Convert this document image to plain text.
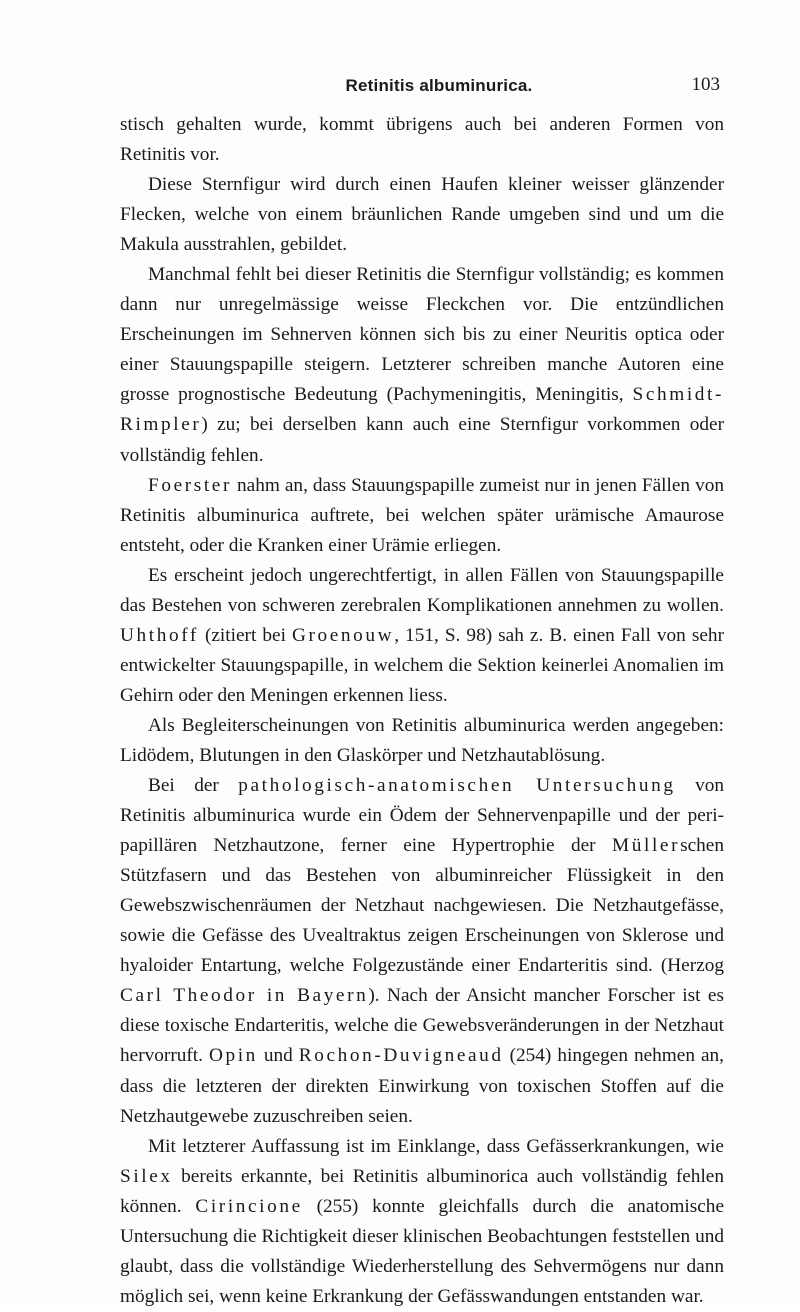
Retinitis albuminurica.	103

stisch gehalten wurde, kommt übrigens auch bei anderen Formen von Retinitis vor.

Diese Sternfigur wird durch einen Haufen kleiner weisser glänzender Flecken, welche von einem bräunlichen Rande umgeben sind und um die Makula ausstrahlen, gebildet.

Manchmal fehlt bei dieser Retinitis die Sternfigur vollständig; es kommen dann nur unregelmässige weisse Fleckchen vor. Die entzündlichen Erscheinungen im Sehnerven können sich bis zu einer Neuritis optica oder einer Stauungspapille steigern. Letzterer schreiben manche Autoren eine grosse prognostische Bedeutung (Pachymeningitis, Meningitis, Schmidt-Rimpler) zu; bei derselben kann auch eine Sternfigur vorkommen oder vollständig fehlen.

Foerster nahm an, dass Stauungspapille zumeist nur in jenen Fällen von Retinitis albuminurica auftrete, bei welchen später urämische Amaurose entsteht, oder die Kranken einer Urämie erliegen.

Es erscheint jedoch ungerechtfertigt, in allen Fällen von Stauungspapille das Bestehen von schweren zerebralen Komplikationen annehmen zu wollen. Uhthoff (zitiert bei Groenouw, 151, S. 98) sah z. B. einen Fall von sehr entwickelter Stauungspapille, in welchem die Sektion keinerlei Anomalien im Gehirn oder den Meningen erkennen liess.

Als Begleiterscheinungen von Retinitis albuminurica werden angegeben: Lidödem, Blutungen in den Glaskörper und Netzhautablösung.

Bei der pathologisch-anatomischen Untersuchung von Retinitis albuminurica wurde ein Ödem der Sehnervenpapille und der peri-papillären Netzhautzone, ferner eine Hypertrophie der Müllerschen Stützfasern und das Bestehen von albuminreicher Flüssigkeit in den Gewebszwischenräumen der Netzhaut nachgewiesen. Die Netzhautgefässe, sowie die Gefässe des Uvealtraktus zeigen Erscheinungen von Sklerose und hyaloider Entartung, welche Folgezustände einer Endarteritis sind. (Herzog Carl Theodor in Bayern). Nach der Ansicht mancher Forscher ist es diese toxische Endarteritis, welche die Gewebsveränderungen in der Netzhaut hervorruft. Opin und Rochon-Duvigneaud (254) hingegen nehmen an, dass die letzteren der direkten Einwirkung von toxischen Stoffen auf die Netzhautgewebe zuzuschreiben seien.

Mit letzterer Auffassung ist im Einklange, dass Gefässerkrankungen, wie Silex bereits erkannte, bei Retinitis albuminorica auch vollständig fehlen können. Cirincione (255) konnte gleichfalls durch die anatomische Untersuchung die Richtigkeit dieser klinischen Beobachtungen feststellen und glaubt, dass die vollständige Wiederherstellung des Sehvermögens nur dann möglich sei, wenn keine Erkrankung der Gefässwandungen entstanden war.
